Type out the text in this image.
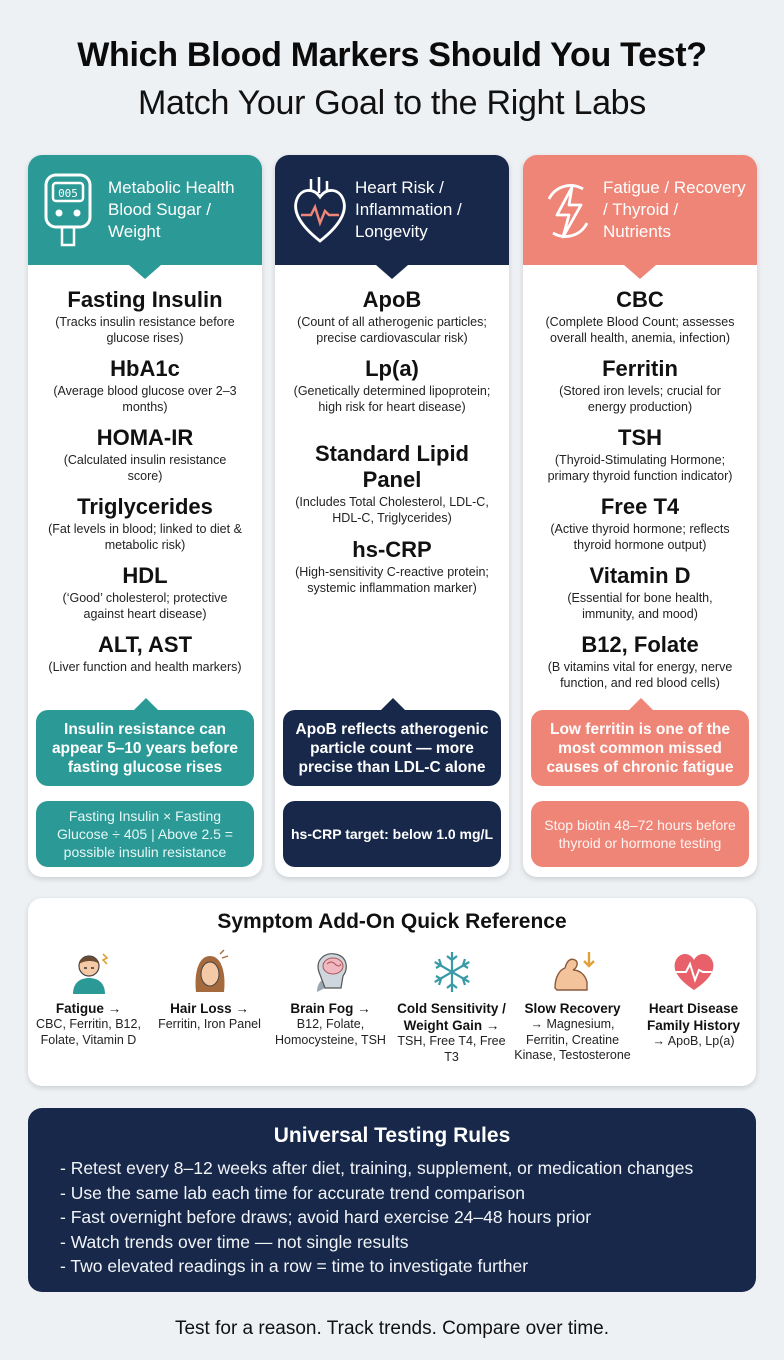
Which Blood Markers Should You Test?
Match Your Goal to the Right Labs
005 Metabolic Health Blood Sugar / Weight
Fasting Insulin
(Tracks insulin resistance before glucose rises)
HbA1c
(Average blood glucose over 2–3 months)
HOMA-IR
(Calculated insulin resistance score)
Triglycerides
(Fat levels in blood; linked to diet & metabolic risk)
HDL
(‘Good’ cholesterol; protective against heart disease)
ALT, AST
(Liver function and health markers)
Insulin resistance can appear 5–10 years before fasting glucose rises
Fasting Insulin × Fasting Glucose ÷ 405 | Above 2.5 = possible insulin resistance
Heart Risk / Inflammation / Longevity
ApoB
(Count of all atherogenic particles; precise cardiovascular risk)
Lp(a)
(Genetically determined lipoprotein; high risk for heart disease)
Standard Lipid Panel
(Includes Total Cholesterol, LDL-C, HDL-C, Triglycerides)
hs-CRP
(High-sensitivity C-reactive protein; systemic inflammation marker)
ApoB reflects atherogenic particle count — more precise than LDL-C alone
hs-CRP target: below 1.0 mg/L
Fatigue / Recovery / Thyroid / Nutrients
CBC
(Complete Blood Count; assesses overall health, anemia, infection)
Ferritin
(Stored iron levels; crucial for energy production)
TSH
(Thyroid-Stimulating Hormone; primary thyroid function indicator)
Free T4
(Active thyroid hormone; reflects thyroid hormone output)
Vitamin D
(Essential for bone health, immunity, and mood)
B12, Folate
(B vitamins vital for energy, nerve function, and red blood cells)
Low ferritin is one of the most common missed causes of chronic fatigue
Stop biotin 48–72 hours before thyroid or hormone testing
Symptom Add-On Quick Reference
Fatigue →
CBC, Ferritin, B12, Folate, Vitamin D
Hair Loss →
Ferritin, Iron Panel
Brain Fog →
B12, Folate, Homocysteine, TSH
Cold Sensitivity / Weight Gain →
TSH, Free T4, Free T3
Slow Recovery
→ Magnesium, Ferritin, Creatine Kinase, Testosterone
Heart Disease Family History
→ ApoB, Lp(a)
Universal Testing Rules
- Retest every 8–12 weeks after diet, training, supplement, or medication changes
- Use the same lab each time for accurate trend comparison
- Fast overnight before draws; avoid hard exercise 24–48 hours prior
- Watch trends over time — not single results
- Two elevated readings in a row = time to investigate further
Test for a reason. Track trends. Compare over time.
